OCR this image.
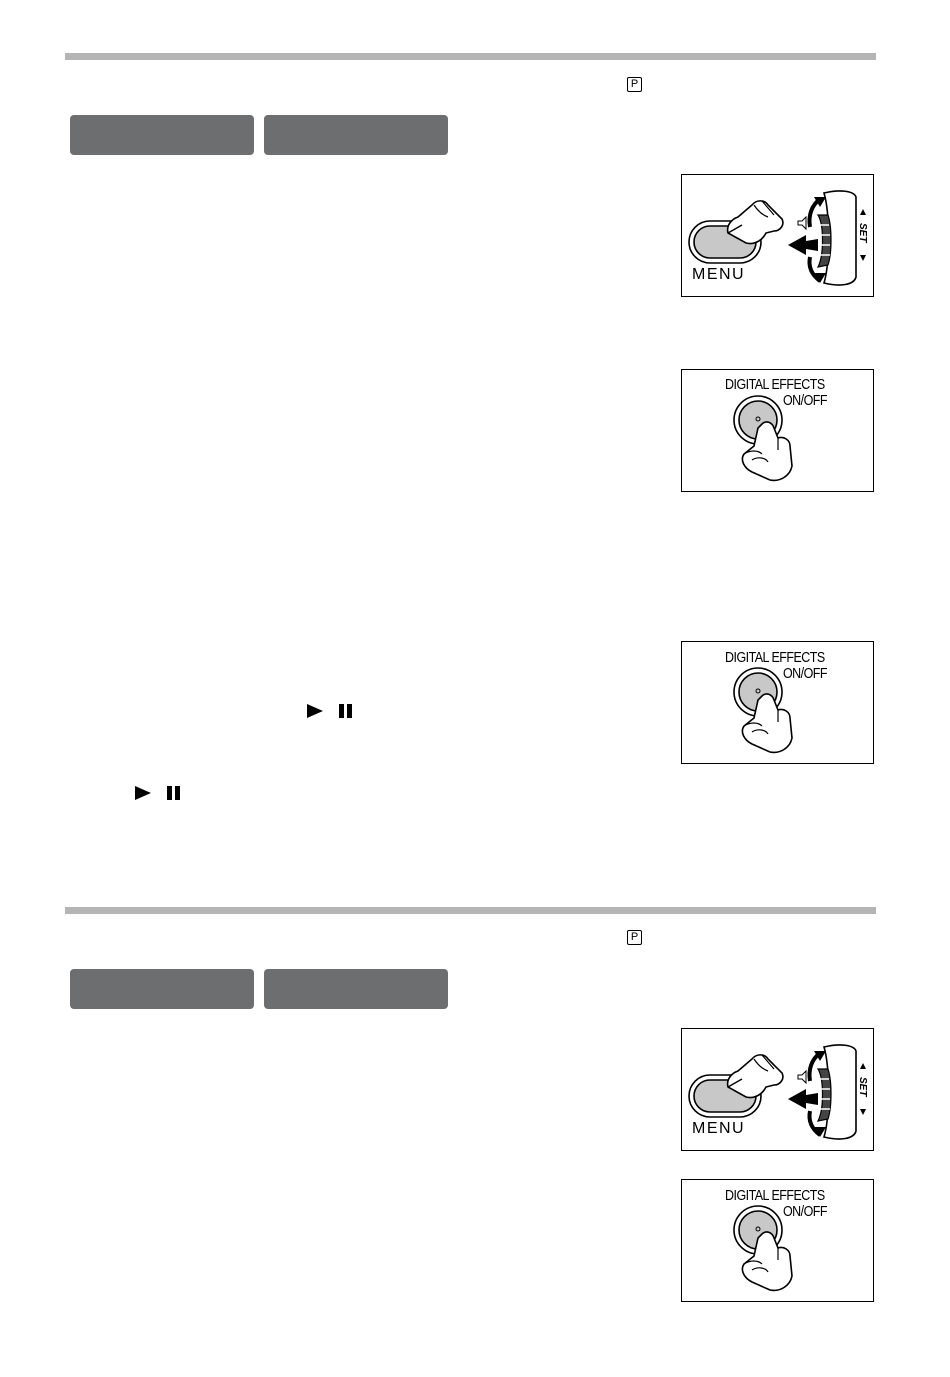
P
MENU
SET
DIGITAL EFFECTS
ON/OFF
DIGITAL EFFECTS
ON/OFF
P
MENU
SET
DIGITAL EFFECTS
ON/OFF
